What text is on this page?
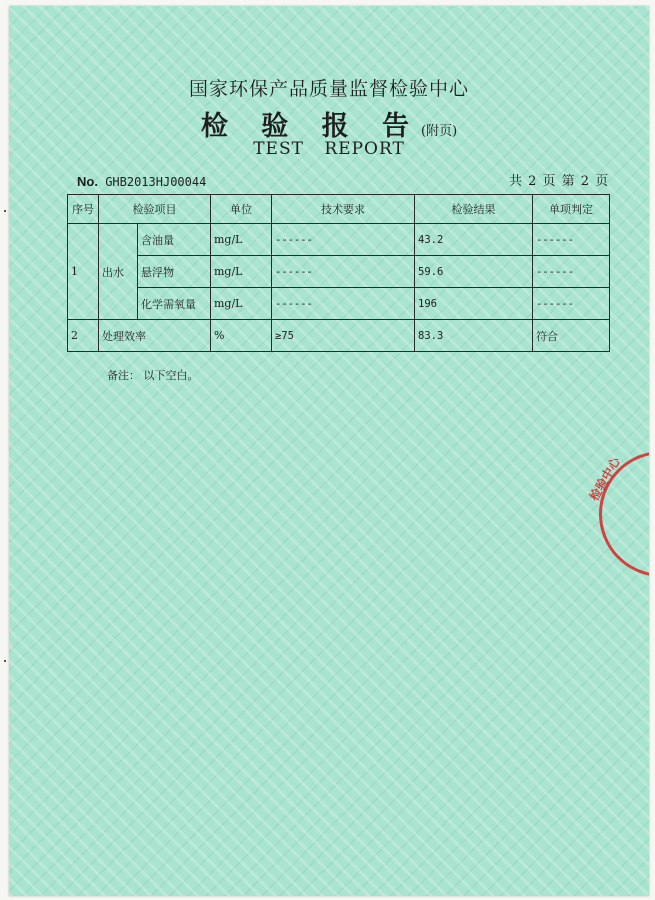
国家环保产品质量监督检验中心
检 验 报 告(附页)
TEST REPORT
No. GHB2013HJ00044	共 2 页 第 2 页
序号	检验项目		单位	技术要求	检验结果	单项判定
1	出水	含油量	mg/L	------	43.2	------
		悬浮物	mg/L	------	59.6	------
		化学需氧量	mg/L	------	196	------
2	处理效率		%	≥75	83.3	符合
备注： 以下空白。
检验中心
